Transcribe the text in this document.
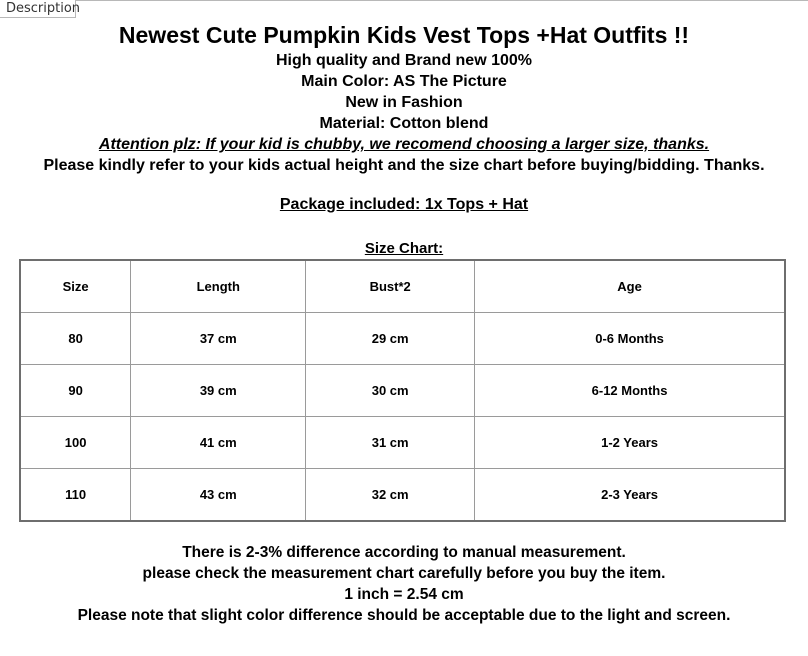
Description
Newest Cute Pumpkin Kids Vest Tops +Hat Outfits !!
High quality and Brand new 100%
Main Color: AS The Picture
New in Fashion
Material: Cotton blend
Attention plz: If your kid is chubby, we recomend choosing a larger size, thanks.
Please kindly refer to your kids actual height and the size chart before buying/bidding. Thanks.
Package included: 1x Tops + Hat
Size Chart:
Size	Length	Bust*2	Age
80	37 cm	29 cm	0-6 Months
90	39 cm	30 cm	6-12 Months
100	41 cm	31 cm	1-2 Years
110	43 cm	32 cm	2-3 Years
There is 2-3% difference according to manual measurement.
please check the measurement chart carefully before you buy the item.
1 inch = 2.54 cm
Please note that slight color difference should be acceptable due to the light and screen.
